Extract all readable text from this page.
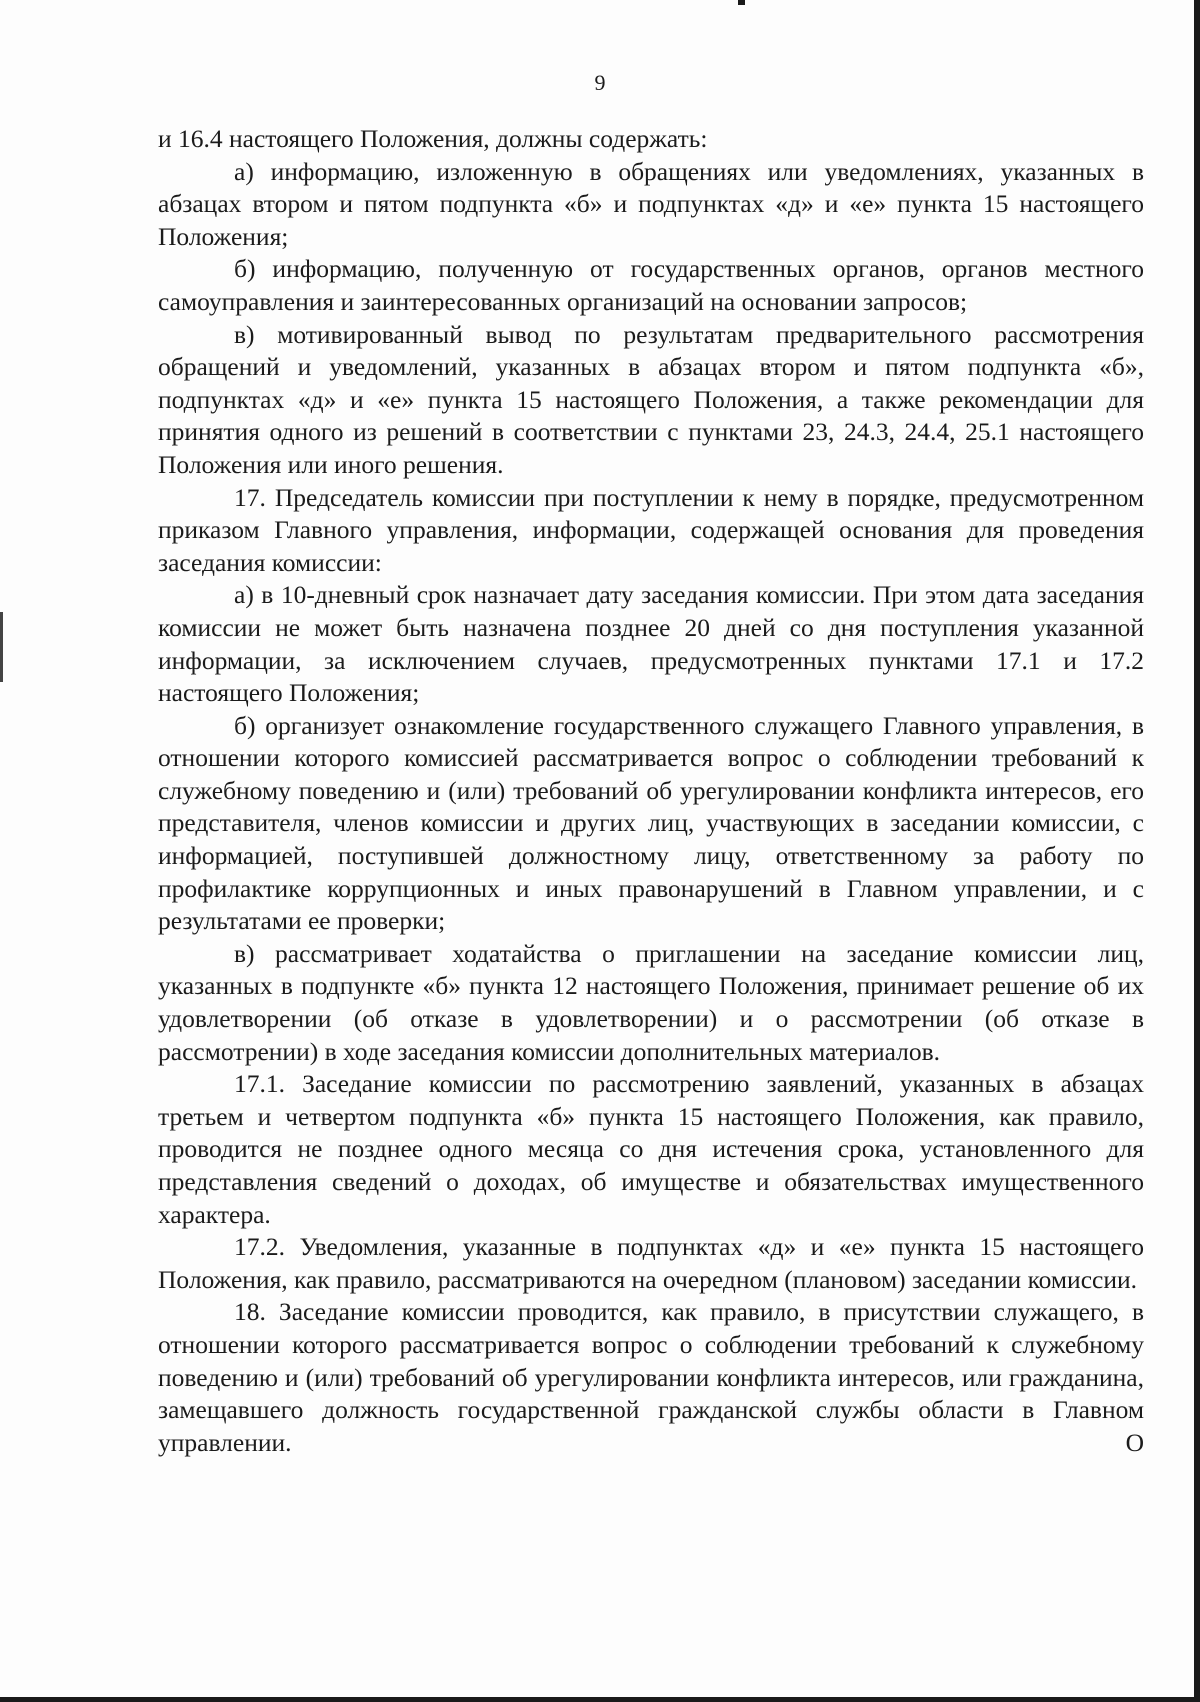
9

и 16.4 настоящего Положения, должны содержать:

а) информацию, изложенную в обращениях или уведомлениях, указанных в абзацах втором и пятом подпункта «б» и подпунктах «д» и «е» пункта 15 настоящего Положения;

б) информацию, полученную от государственных органов, органов местного самоуправления и заинтересованных организаций на основании запросов;

в) мотивированный вывод по результатам предварительного рассмотрения обращений и уведомлений, указанных в абзацах втором и пятом подпункта «б», подпунктах «д» и «е» пункта 15 настоящего Положения, а также рекомендации для принятия одного из решений в соответствии с пунктами 23, 24.3, 24.4, 25.1 настоящего Положения или иного решения.

17. Председатель комиссии при поступлении к нему в порядке, предусмотренном приказом Главного управления, информации, содержащей основания для проведения заседания комиссии:

а) в 10-дневный срок назначает дату заседания комиссии. При этом дата заседания комиссии не может быть назначена позднее 20 дней со дня поступления указанной информации, за исключением случаев, предусмотренных пунктами 17.1 и 17.2 настоящего Положения;

б) организует ознакомление государственного служащего Главного управления, в отношении которого комиссией рассматривается вопрос о соблюдении требований к служебному поведению и (или) требований об урегулировании конфликта интересов, его представителя, членов комиссии и других лиц, участвующих в заседании комиссии, с информацией, поступившей должностному лицу, ответственному за работу по профилактике коррупционных и иных правонарушений в Главном управлении, и с результатами ее проверки;

в) рассматривает ходатайства о приглашении на заседание комиссии лиц, указанных в подпункте «б» пункта 12 настоящего Положения, принимает решение об их удовлетворении (об отказе в удовлетворении) и о рассмотрении (об отказе в рассмотрении) в ходе заседания комиссии дополнительных материалов.

17.1. Заседание комиссии по рассмотрению заявлений, указанных в абзацах третьем и четвертом подпункта «б» пункта 15 настоящего Положения, как правило, проводится не позднее одного месяца со дня истечения срока, установленного для представления сведений о доходах, об имуществе и обязательствах имущественного характера.

17.2. Уведомления, указанные в подпунктах «д» и «е» пункта 15 настоящего Положения, как правило, рассматриваются на очередном (плановом) заседании комиссии.

18. Заседание комиссии проводится, как правило, в присутствии служащего, в отношении которого рассматривается вопрос о соблюдении требований к служебному поведению и (или) требований об урегулировании конфликта интересов, или гражданина, замещавшего должность государственной гражданской службы области в Главном управлении. О
